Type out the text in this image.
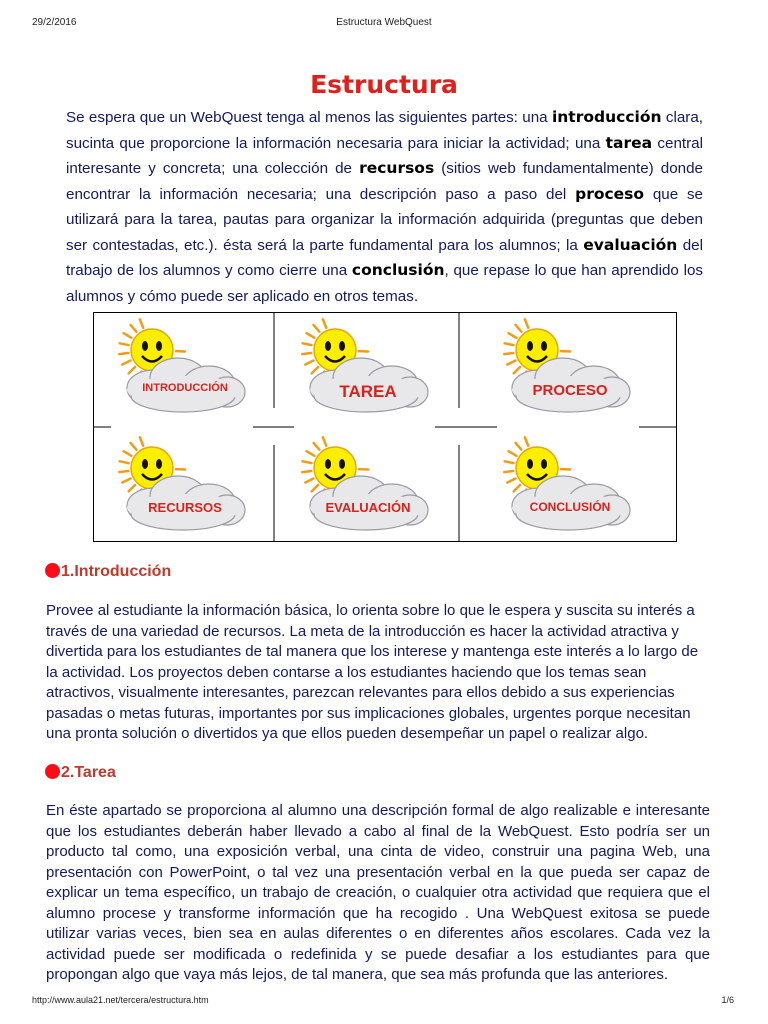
29/2/2016	Estructura WebQuest
Estructura
Se espera que un WebQuest tenga al menos las siguientes partes: una introducción clara, sucinta que proporcione la información necesaria para iniciar la actividad; una tarea central interesante y concreta; una colección de recursos (sitios web fundamentalmente) donde encontrar la información necesaria; una descripción paso a paso del proceso que se utilizará para la tarea, pautas para organizar la información adquirida (preguntas que deben ser contestadas, etc.). ésta será la parte fundamental para los alumnos; la evaluación del trabajo de los alumnos y como cierre una conclusión, que repase lo que han aprendido los alumnos y cómo puede ser aplicado en otros temas.
INTRODUCCIÓN	TAREA	PROCESO
RECURSOS	EVALUACIÓN	CONCLUSIÓN
1.Introducción
Provee al estudiante la información básica, lo orienta sobre lo que le espera y suscita su interés a través de una variedad de recursos. La meta de la introducción es hacer la actividad atractiva y divertida para los estudiantes de tal manera que los interese y mantenga este interés a lo largo de la actividad. Los proyectos deben contarse a los estudiantes haciendo que los temas sean atractivos, visualmente interesantes, parezcan relevantes para ellos debido a sus experiencias pasadas o metas futuras, importantes por sus implicaciones globales, urgentes porque necesitan una pronta solución o divertidos ya que ellos pueden desempeñar un papel o realizar algo.
2.Tarea
En éste apartado se proporciona al alumno una descripción formal de algo realizable e interesante que los estudiantes deberán haber llevado a cabo al final de la WebQuest. Esto podría ser un producto tal como, una exposición verbal, una cinta de video, construir una pagina Web, una presentación con PowerPoint, o tal vez una presentación verbal en la que pueda ser capaz de explicar un tema específico, un trabajo de creación, o cualquier otra actividad que requiera que el alumno procese y transforme información que ha recogido . Una WebQuest exitosa se puede utilizar varias veces, bien sea en aulas diferentes o en diferentes años escolares. Cada vez la actividad puede ser modificada o redefinida y se puede desafiar a los estudiantes para que propongan algo que vaya más lejos, de tal manera, que sea más profunda que las anteriores.
http://www.aula21.net/tercera/estructura.htm	1/6
